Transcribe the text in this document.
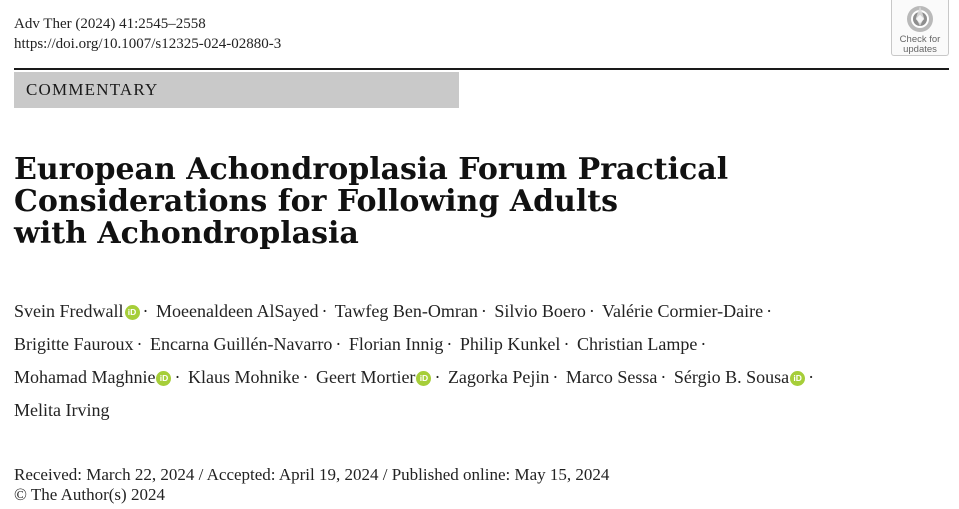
Adv Ther (2024) 41:2545–2558
https://doi.org/10.1007/s12325-024-02880-3	Check for
updates
COMMENTARY
European Achondroplasia Forum Practical
Considerations for Following Adults
with Achondroplasia
Svein Fredwall iD · Moeenaldeen AlSayed · Tawfeg Ben-Omran · Silvio Boero · Valérie Cormier-Daire ·
Brigitte Fauroux · Encarna Guillén-Navarro · Florian Innig · Philip Kunkel · Christian Lampe ·
Mohamad Maghnie iD · Klaus Mohnike · Geert Mortier iD · Zagorka Pejin · Marco Sessa · Sérgio B. Sousa iD ·
Melita Irving
Received: March 22, 2024 / Accepted: April 19, 2024 / Published online: May 15, 2024
© The Author(s) 2024
